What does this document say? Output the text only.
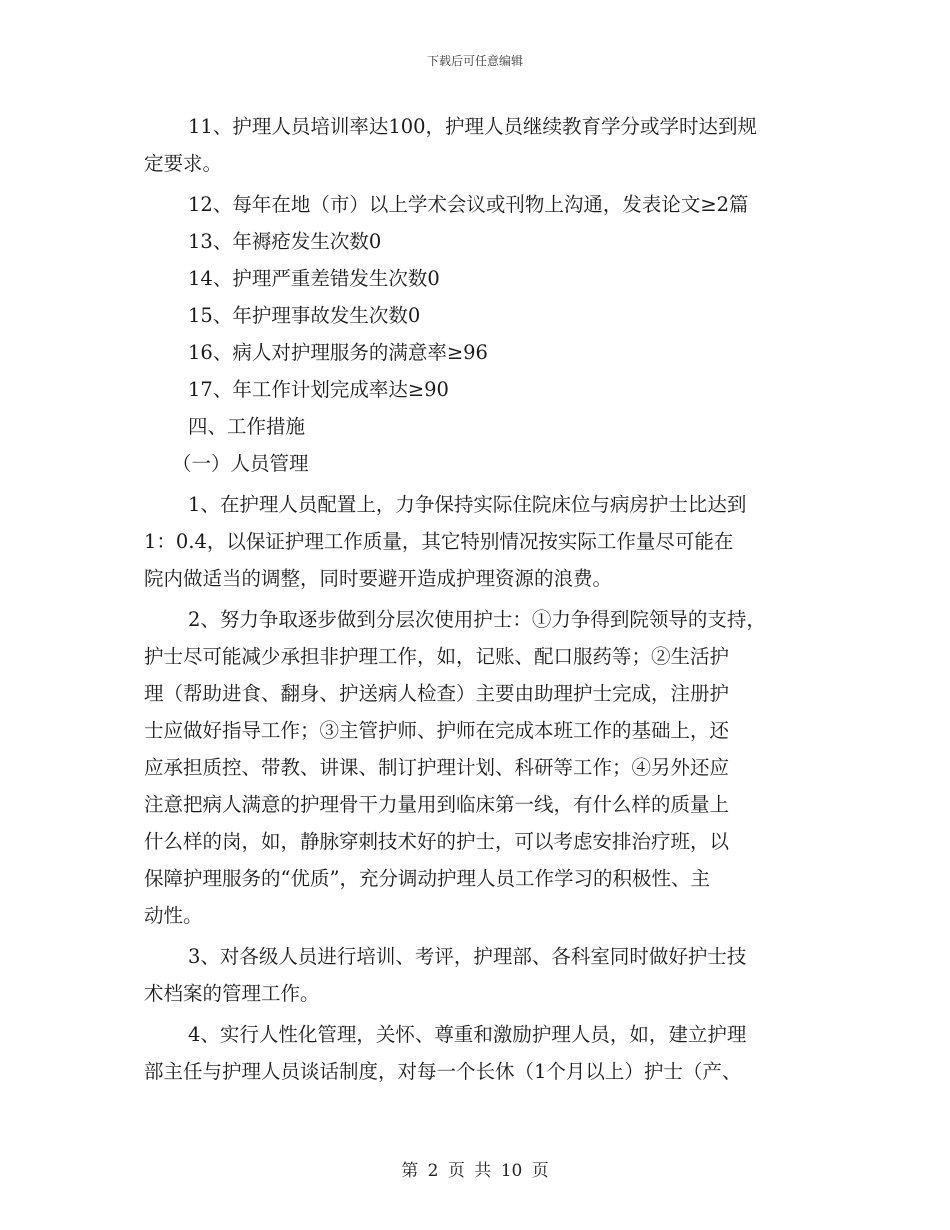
下载后可任意编辑
11、护理人员培训率达100，护理人员继续教育学分或学时达到规
定要求。
12、每年在地（市）以上学术会议或刊物上沟通，发表论文≥2篇
13、年褥疮发生次数0
14、护理严重差错发生次数0
15、年护理事故发生次数0
16、病人对护理服务的满意率≥96
17、年工作计划完成率达≥90
四、工作措施
（一）人员管理
1、在护理人员配置上，力争保持实际住院床位与病房护士比达到
1：0.4，以保证护理工作质量，其它特别情况按实际工作量尽可能在
院内做适当的调整，同时要避开造成护理资源的浪费。
2、努力争取逐步做到分层次使用护士：①力争得到院领导的支持，
护士尽可能减少承担非护理工作，如，记账、配口服药等；②生活护
理（帮助进食、翻身、护送病人检查）主要由助理护士完成，注册护
士应做好指导工作；③主管护师、护师在完成本班工作的基础上，还
应承担质控、带教、讲课、制订护理计划、科研等工作；④另外还应
注意把病人满意的护理骨干力量用到临床第一线，有什么样的质量上
什么样的岗，如，静脉穿刺技术好的护士，可以考虑安排治疗班，以
保障护理服务的“优质”，充分调动护理人员工作学习的积极性、主
动性。
3、对各级人员进行培训、考评，护理部、各科室同时做好护士技
术档案的管理工作。
4、实行人性化管理，关怀、尊重和激励护理人员，如，建立护理
部主任与护理人员谈话制度，对每一个长休（1个月以上）护士（产、
第 2 页 共 10 页
